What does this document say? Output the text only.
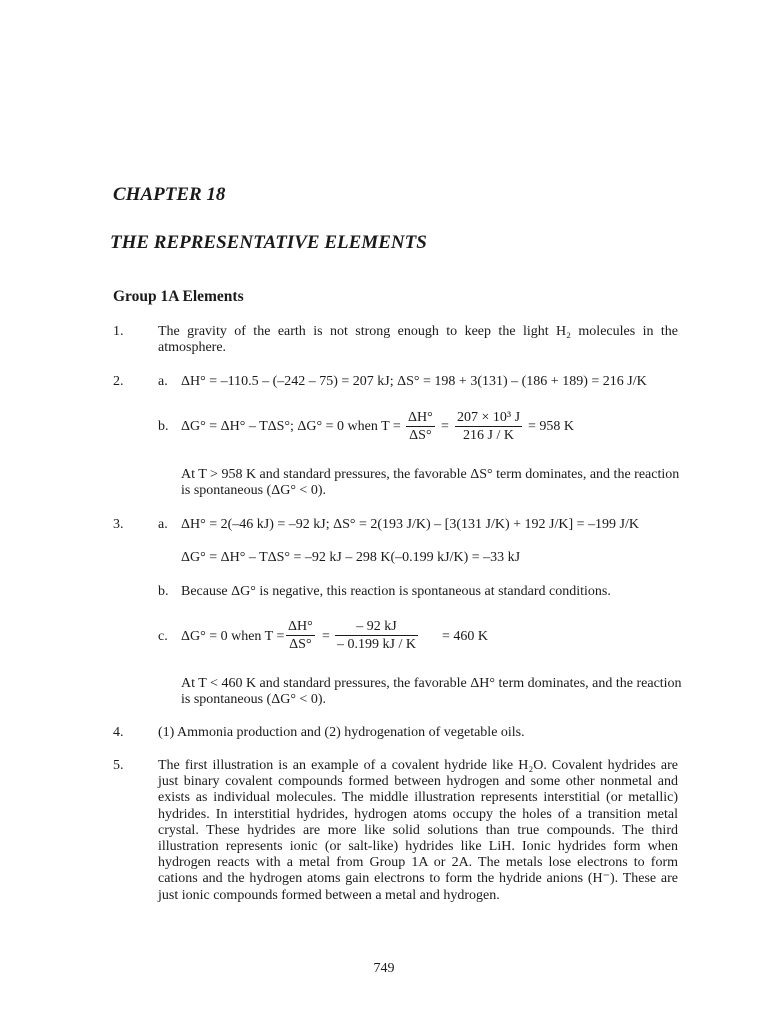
CHAPTER 18
THE REPRESENTATIVE ELEMENTS
Group 1A Elements
1. The gravity of the earth is not strong enough to keep the light H₂ molecules in the
atmosphere.
2. a. ΔH° = –110.5 – (–242 – 75) = 207 kJ; ΔS° = 198 + 3(131) – (186 + 189) = 216 J/K
b. ΔG° = ΔH° – TΔS°; ΔG° = 0 when $T = \frac{\Delta H^\circ}{\Delta S^\circ} = \frac{\text{207 × 10³ J}}{216 J / K} = 958$ K
At T > 958 K and standard pressures, the favorable ΔS° term dominates, and the reaction
is spontaneous (ΔG° < 0).
3. a. ΔH° = 2(–46 kJ) = –92 kJ; ΔS° = 2(193 J/K) – [3(131 J/K) + 192 J/K] = –199 J/K
ΔG° = ΔH° – TΔS° = –92 kJ – 298 K(–0.199 kJ/K) = –33 kJ
b. Because ΔG° is negative, this reaction is spontaneous at standard conditions.
c. ΔG° = 0 when $T = \frac{\Delta H^\circ}{\Delta S^\circ} = \frac{- 92 kJ}{- 0.199 kJ / K} = 460$ K
At T < 460 K and standard pressures, the favorable ΔH° term dominates, and the reaction
is spontaneous (ΔG° < 0).
4. (1) Ammonia production and (2) hydrogenation of vegetable oils.
5. The first illustration is an example of a covalent hydride like H₂O. Covalent hydrides are just binary covalent compounds formed between hydrogen and some other nonmetal and exists as individual molecules. The middle illustration represents interstitial (or metallic) hydrides. In interstitial hydrides, hydrogen atoms occupy the holes of a transition metal crystal. These hydrides are more like solid solutions than true compounds. The third illustration represents ionic (or salt-like) hydrides like LiH. Ionic hydrides form when hydrogen reacts with a metal from Group 1A or 2A. The metals lose electrons to form cations and the hydrogen atoms gain electrons to form the hydride anions (H⁻). These are just ionic compounds formed between a metal and hydrogen.
749
